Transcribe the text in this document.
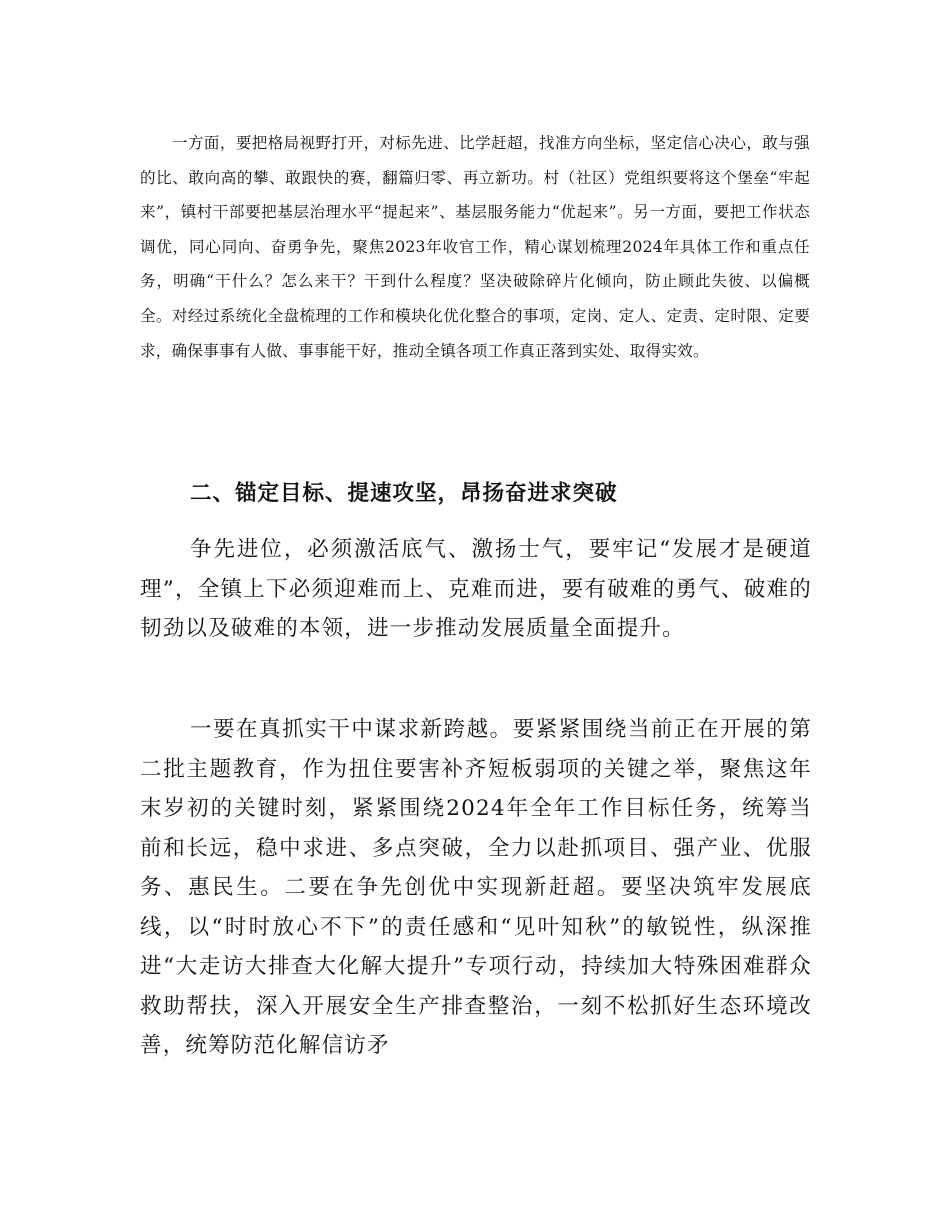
一方面，要把格局视野打开，对标先进、比学赶超，找准方向坐标，坚定信心决心，敢与强的比、敢向高的攀、敢跟快的赛，翻篇归零、再立新功。村（社区）党组织要将这个堡垒“牢起来”，镇村干部要把基层治理水平“提起来”、基层服务能力“优起来”。另一方面，要把工作状态调优，同心同向、奋勇争先，聚焦2023年收官工作，精心谋划梳理2024年具体工作和重点任务，明确“干什么？怎么来干？干到什么程度？坚决破除碎片化倾向，防止顾此失彼、以偏概全。对经过系统化全盘梳理的工作和模块化优化整合的事项，定岗、定人、定责、定时限、定要求，确保事事有人做、事事能干好，推动全镇各项工作真正落到实处、取得实效。

二、锚定目标、提速攻坚，昂扬奋进求突破

争先进位，必须激活底气、激扬士气，要牢记“发展才是硬道理”，全镇上下必须迎难而上、克难而进，要有破难的勇气、破难的韧劲以及破难的本领，进一步推动发展质量全面提升。

一要在真抓实干中谋求新跨越。要紧紧围绕当前正在开展的第二批主题教育，作为扭住要害补齐短板弱项的关键之举，聚焦这年末岁初的关键时刻，紧紧围绕2024年全年工作目标任务，统筹当前和长远，稳中求进、多点突破，全力以赴抓项目、强产业、优服务、惠民生。二要在争先创优中实现新赶超。要坚决筑牢发展底线，以“时时放心不下”的责任感和“见叶知秋”的敏锐性，纵深推进“大走访大排查大化解大提升”专项行动，持续加大特殊困难群众救助帮扶，深入开展安全生产排查整治，一刻不松抓好生态环境改善，统筹防范化解信访矛
